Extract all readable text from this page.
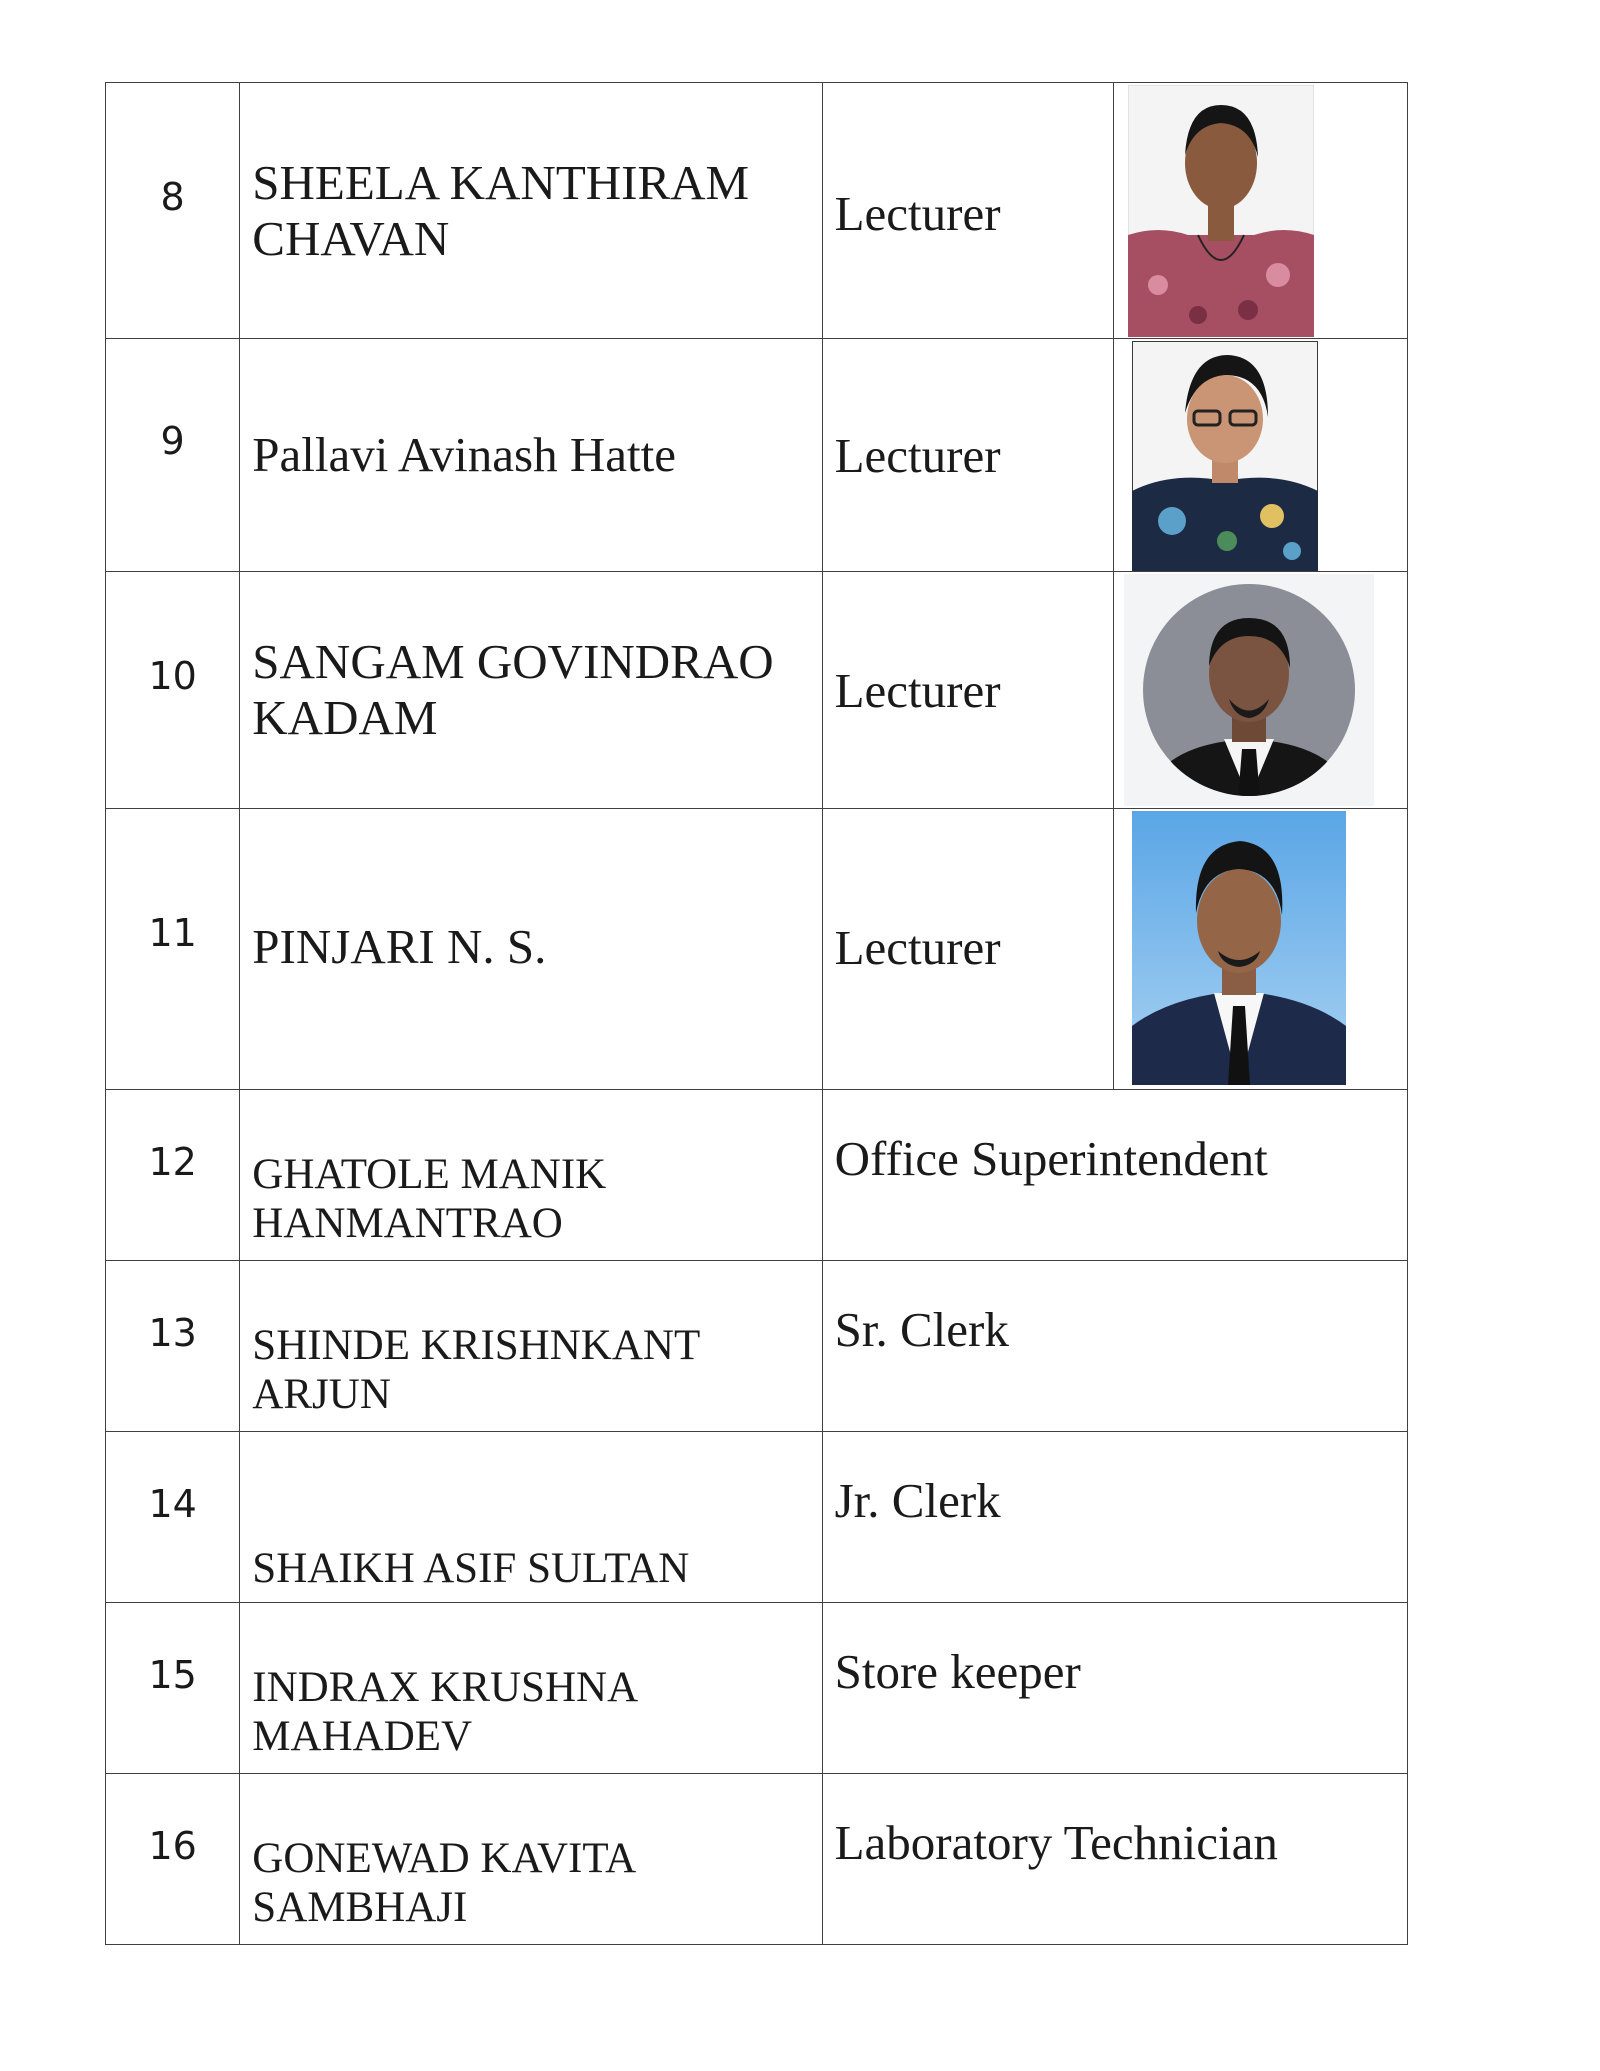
8	SHEELA KANTHIRAM CHAVAN	Lecturer

9	Pallavi Avinash Hatte	Lecturer

10	SANGAM GOVINDRAO KADAM	Lecturer

11	PINJARI N. S.	Lecturer

12	GHATOLE MANIK HANMANTRAO	Office Superintendent	

13	SHINDE KRISHNKANT ARJUN	Sr. Clerk	

14	SHAIKH ASIF SULTAN	Jr. Clerk	

15	INDRAX KRUSHNA MAHADEV	Store keeper	

16	GONEWAD KAVITA SAMBHAJI	Laboratory Technician	
